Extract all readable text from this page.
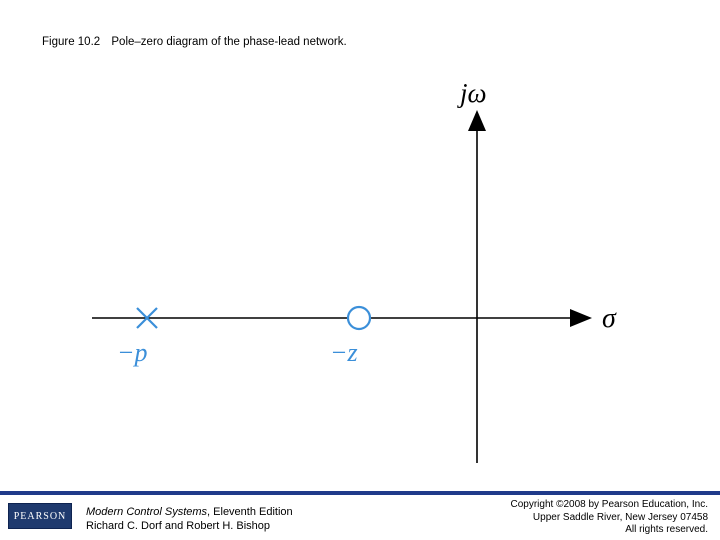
Figure 10.2 Pole–zero diagram of the phase-lead network.
jω
σ
−p	−z
PEARSON Modern Control Systems, Eleventh Edition
Richard C. Dorf and Robert H. Bishop
Copyright ©2008 by Pearson Education, Inc.
Upper Saddle River, New Jersey 07458
All rights reserved.
